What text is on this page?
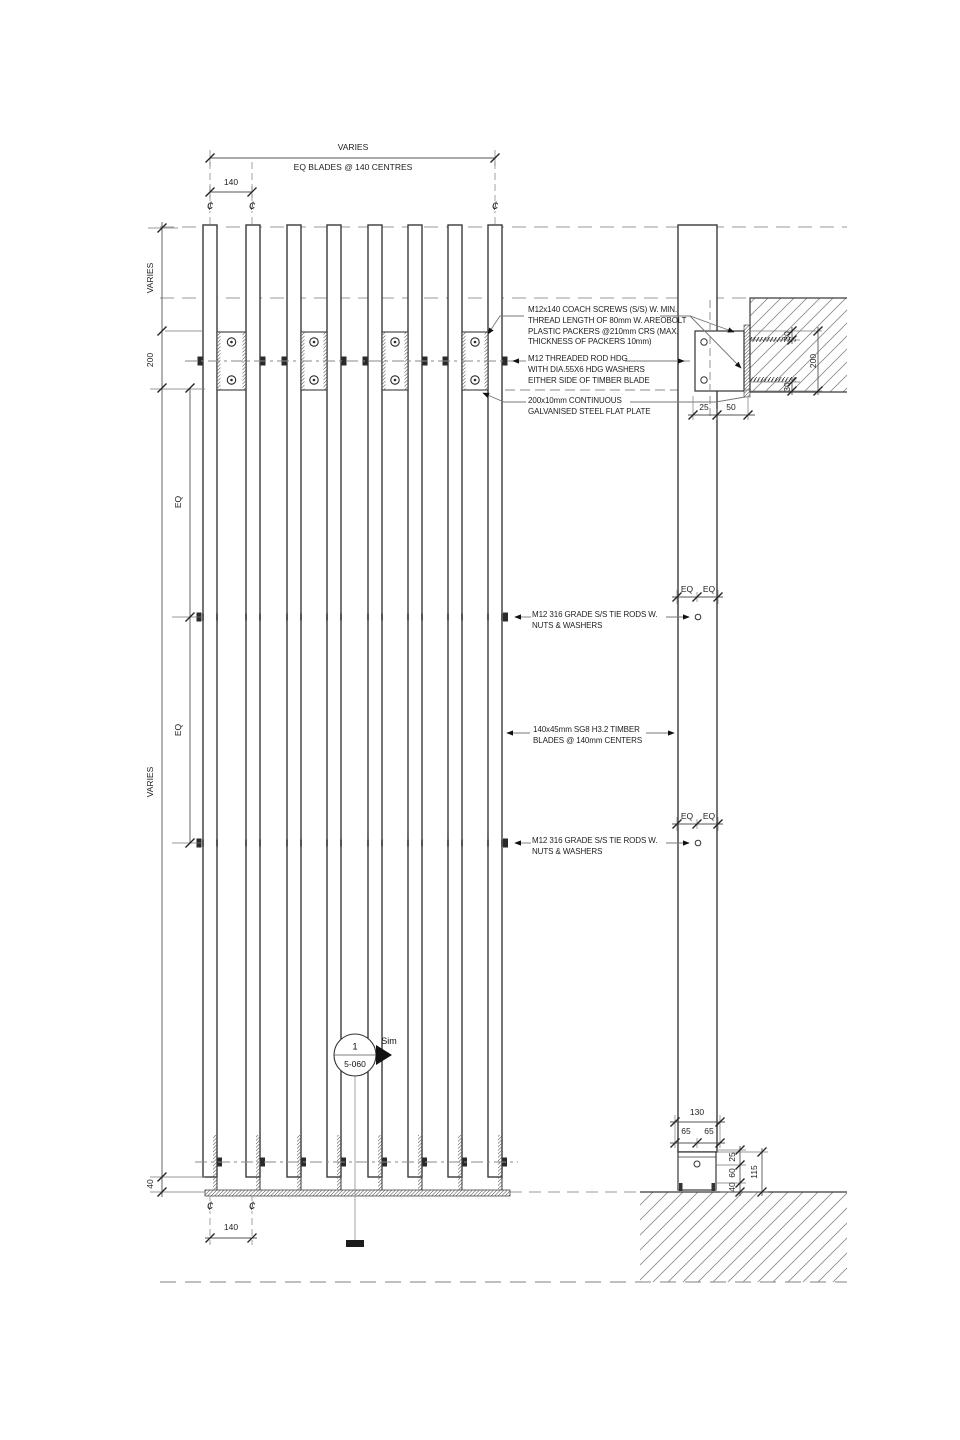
VARIES
EQ BLADES @ 140 CENTRES
140
¢	¢	¢
VARIES
200
EQ
EQ
VARIES
40
M12x140 COACH SCREWS (S/S) W. MIN.
THREAD LENGTH OF 80mm W. AREOBOLT
PLASTIC PACKERS @210mm CRS (MAX.
THICKNESS OF PACKERS 10mm)
M12 THREADED ROD HDG
WITH DIA.55X6 HDG WASHERS
EITHER SIDE OF TIMBER BLADE
200x10mm CONTINUOUS
GALVANISED STEEL FLAT PLATE
M12 316 GRADE S/S TIE RODS W.
NUTS & WASHERS
140x45mm SG8 H3.2 TIMBER
BLADES @ 140mm CENTERS
M12 316 GRADE S/S TIE RODS W.
NUTS & WASHERS
EQ EQ
EQ EQ
25 50
30
200
30
130
65 65
25
60
40
115
¢	¢
140
1
5-060
Sim
